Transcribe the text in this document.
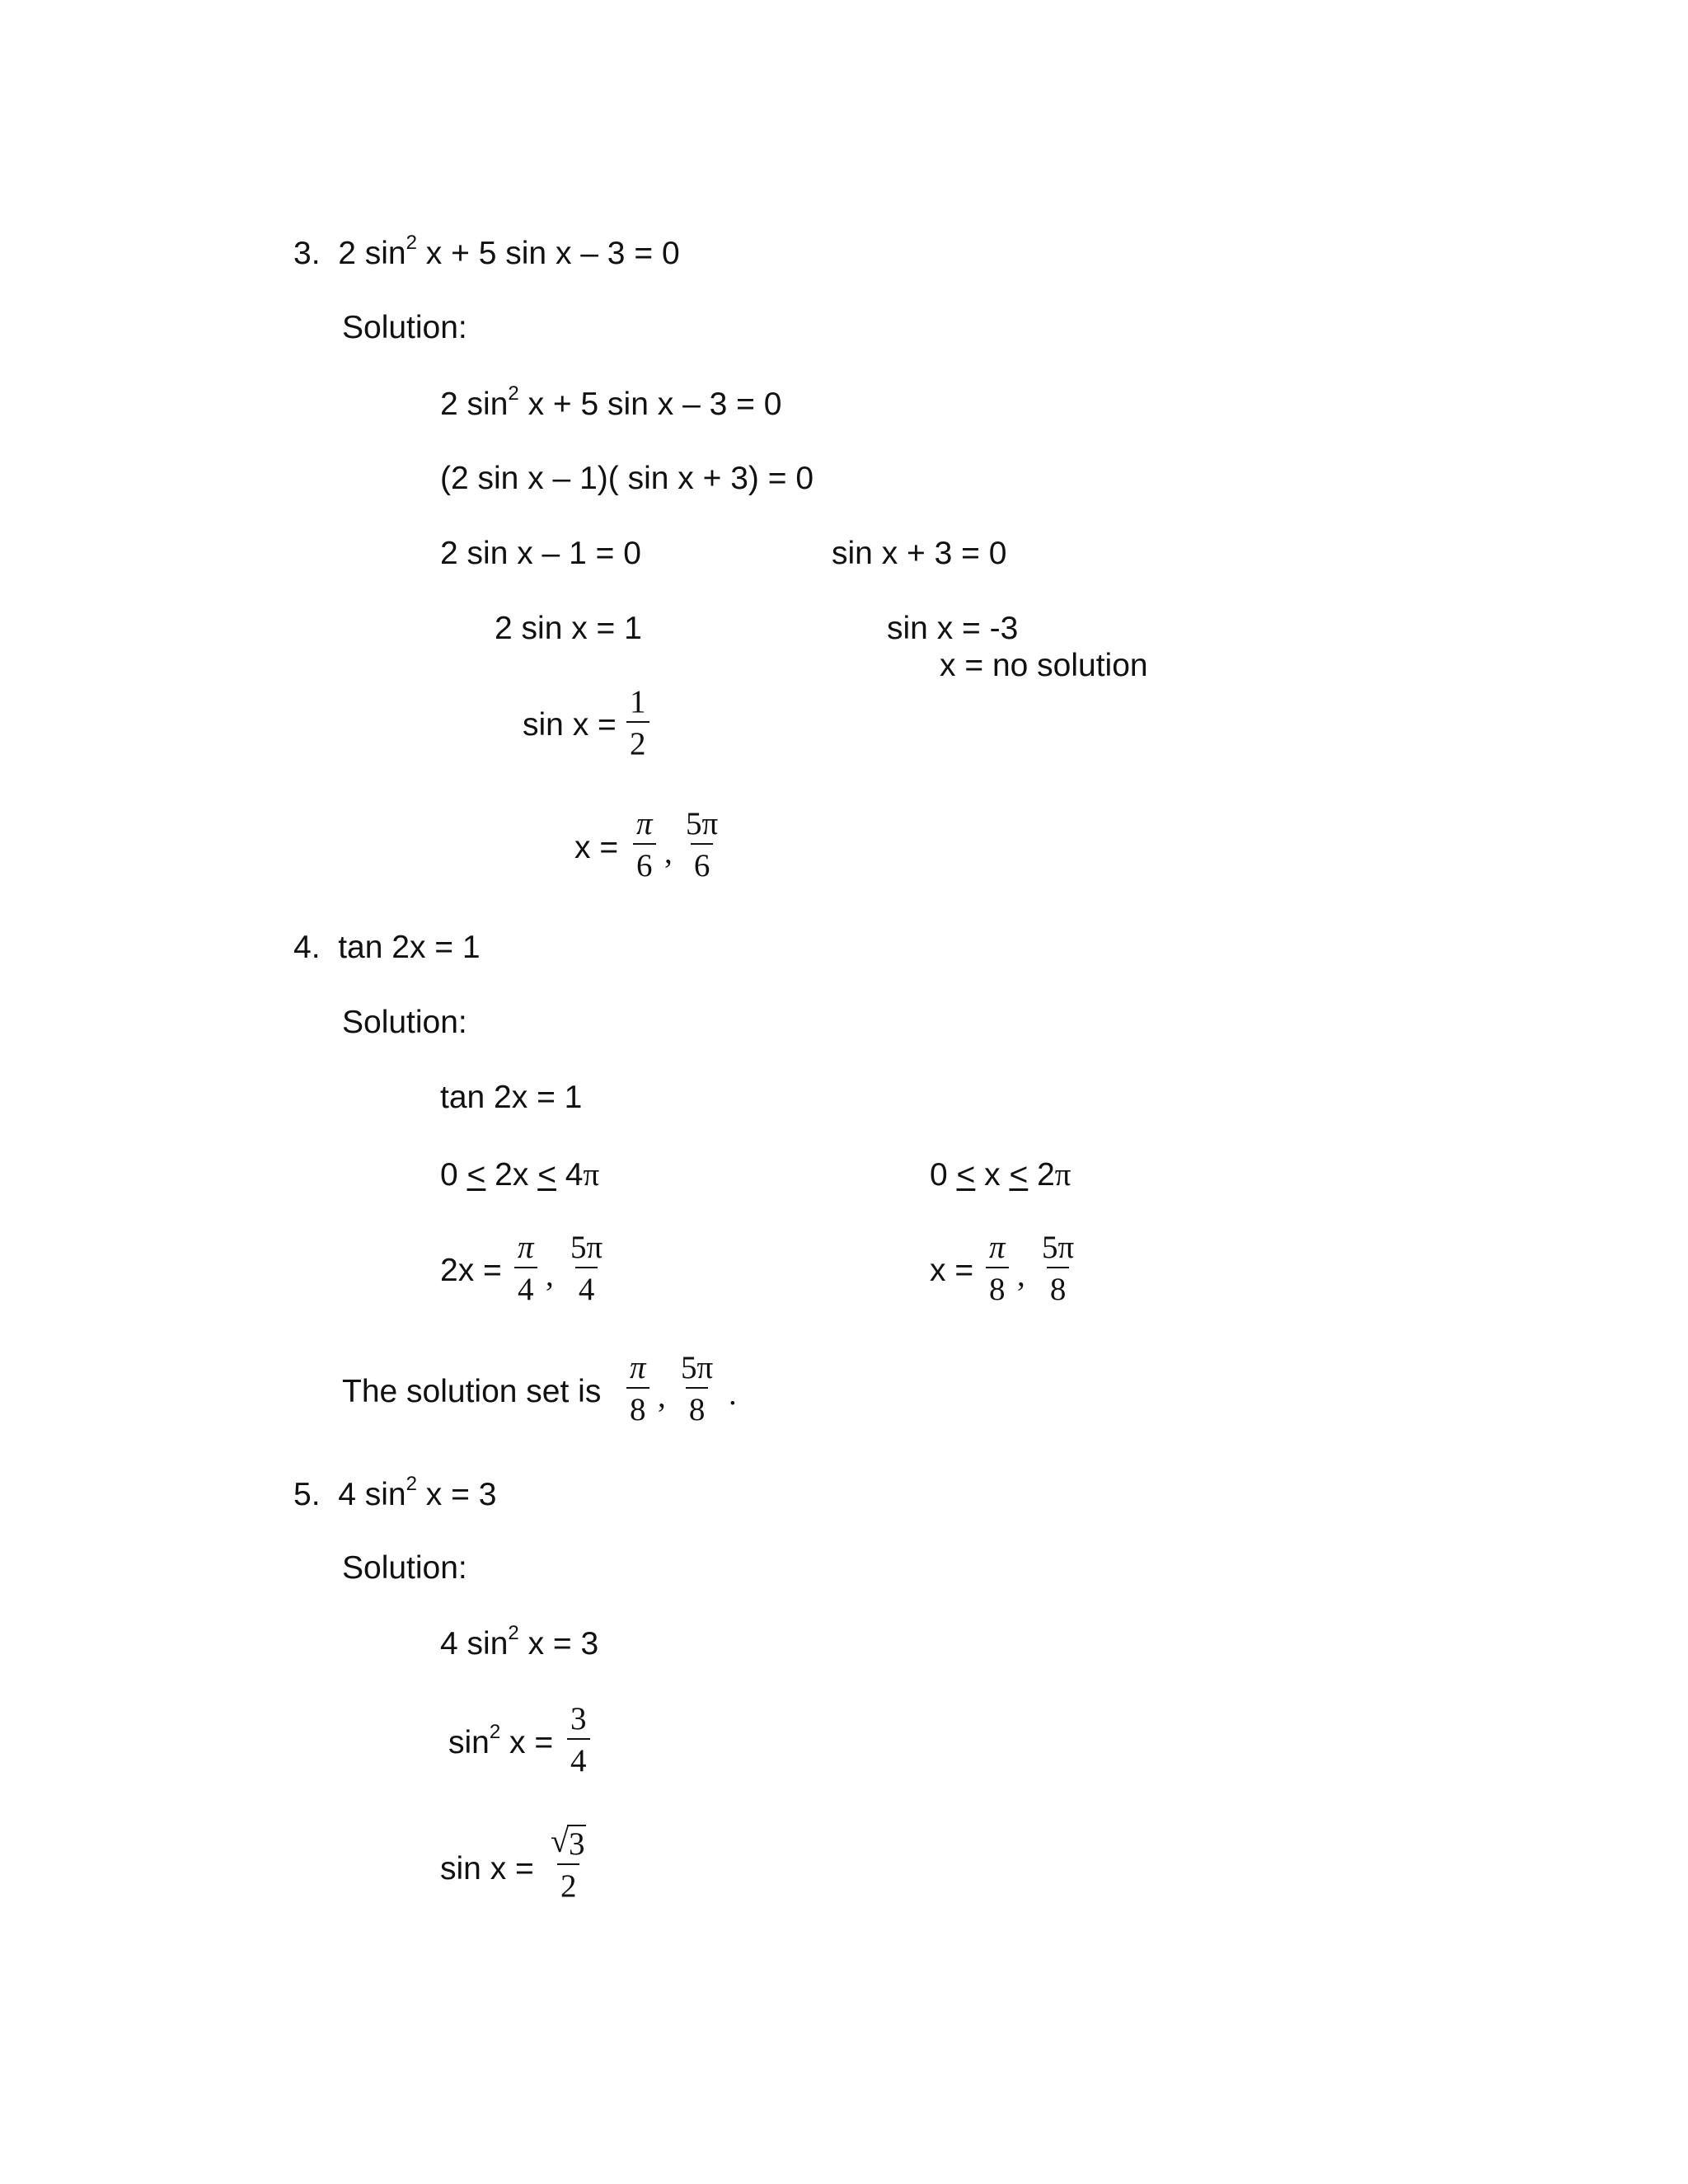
3. 2 $\sin^2 x + 5$ sin x – 3 = 0
Solution:
2 $\sin^2 x + 5$ sin x – 3 = 0
(2 sin x – 1)( sin x + 3) = 0
2 sin x – 1 = 0	sin x + 3 = 0
2 sin x = 1	sin x = -3
x = no solution
$\sin x = \frac{1}{2}$
$x = \frac{\pi}{6}$ , $\frac{5\pi}{6}$
4. tan 2x = 1
Solution:
tan 2x = 1
0 < 2x < 4π	0 < x < 2π
$2x = \frac{\pi}{4}$ , $\frac{5\pi}{4}$	$x = \frac{\pi}{8}$ , $\frac{5\pi}{8}$
The solution set is $\frac{\pi}{8}$ , $\frac{5\pi}{8}$ .
5. 4 $\sin^2 x = 3$
Solution:
4 $\sin^2 x = 3$
$\sin^2 x = \frac{3}{4}$
$\sin x = \frac{√ 3}{2}$
